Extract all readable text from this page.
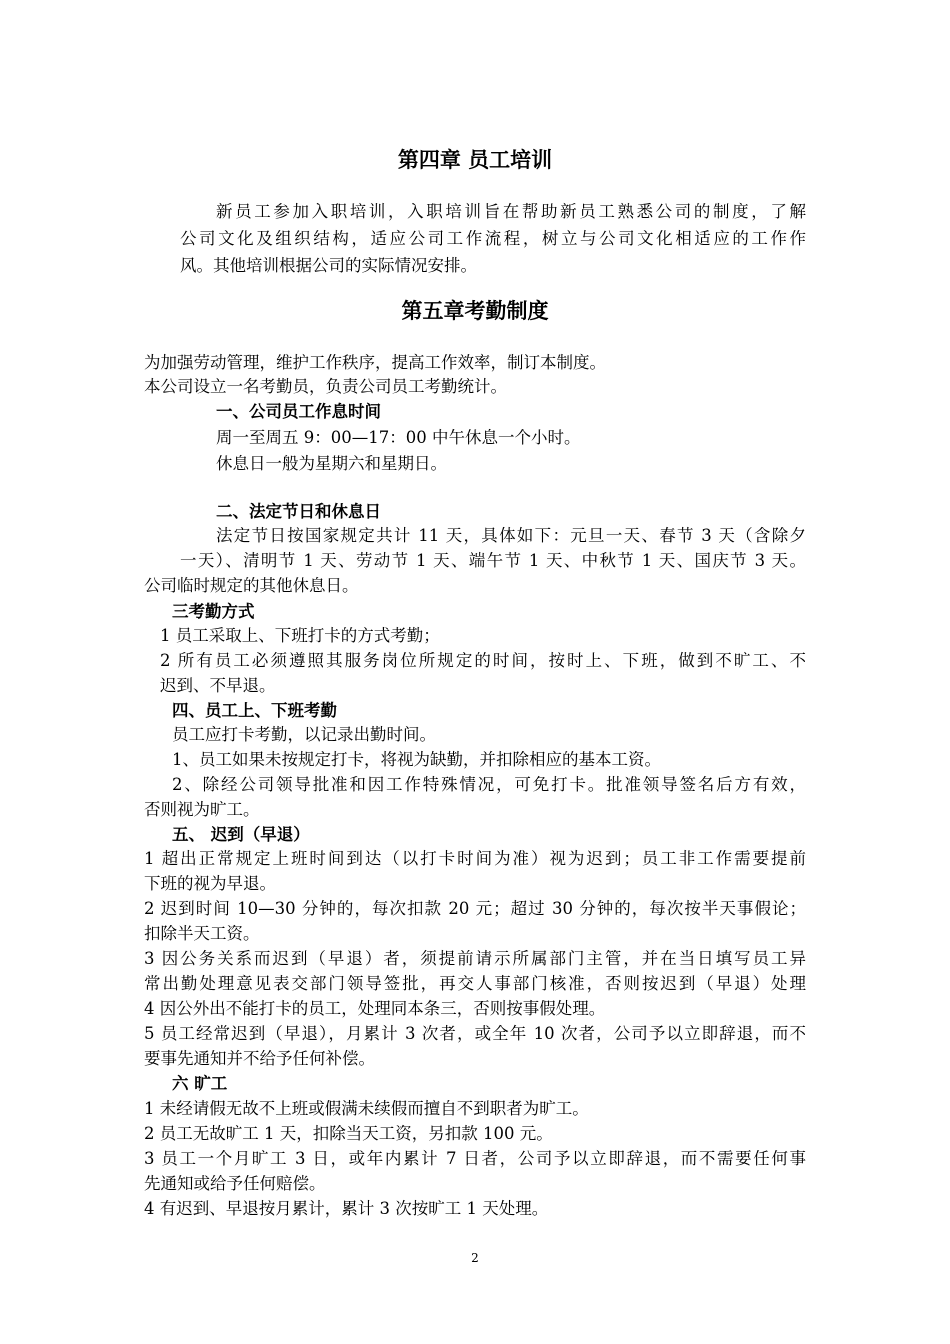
第四章 员工培训
新员工参加入职培训，入职培训旨在帮助新员工熟悉公司的制度，了解
公司文化及组织结构，适应公司工作流程，树立与公司文化相适应的工作作
风。其他培训根据公司的实际情况安排。
第五章考勤制度
为加强劳动管理，维护工作秩序，提高工作效率，制订本制度。
本公司设立一名考勤员，负责公司员工考勤统计。
一、公司员工作息时间
周一至周五 9：00—17：00 中午休息一个小时。
休息日一般为星期六和星期日。
二、法定节日和休息日
法定节日按国家规定共计 11 天，具体如下：元旦一天、春节 3 天（含除夕
一天）、清明节 1 天、劳动节 1 天、端午节 1 天、中秋节 1 天、国庆节 3 天。
公司临时规定的其他休息日。
三考勤方式
1 员工采取上、下班打卡的方式考勤；
2 所有员工必须遵照其服务岗位所规定的时间，按时上、下班，做到不旷工、不
迟到、不早退。
四、员工上、下班考勤
员工应打卡考勤，以记录出勤时间。
1、员工如果未按规定打卡，将视为缺勤，并扣除相应的基本工资。
2、除经公司领导批准和因工作特殊情况，可免打卡。批准领导签名后方有效，
否则视为旷工。
五、 迟到（早退）
1 超出正常规定上班时间到达（以打卡时间为准）视为迟到；员工非工作需要提前
下班的视为早退。
2 迟到时间 10—30 分钟的，每次扣款 20 元；超过 30 分钟的，每次按半天事假论；
扣除半天工资。
3 因公务关系而迟到（早退）者，须提前请示所属部门主管，并在当日填写员工异
常出勤处理意见表交部门领导签批，再交人事部门核准，否则按迟到（早退）处理
4 因公外出不能打卡的员工，处理同本条三，否则按事假处理。
5 员工经常迟到（早退），月累计 3 次者，或全年 10 次者，公司予以立即辞退，而不
要事先通知并不给予任何补偿。
六 旷工
1 未经请假无故不上班或假满未续假而擅自不到职者为旷工。
2 员工无故旷工 1 天，扣除当天工资，另扣款 100 元。
3 员工一个月旷工 3 日，或年内累计 7 日者，公司予以立即辞退，而不需要任何事
先通知或给予任何赔偿。
4 有迟到、早退按月累计，累计 3 次按旷工 1 天处理。
2
